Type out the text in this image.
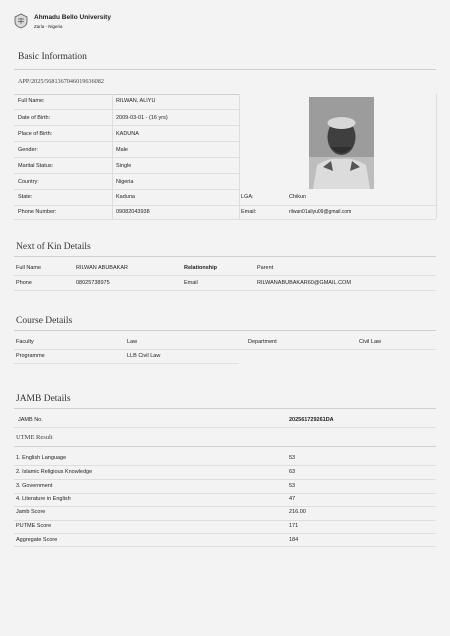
Ahmadu Bello University
Zaria - Nigeria
Basic Information
APP/2025/5681367046019636082
Full Name:	RILWAN, ALIYU
Date of Birth:	2009-03-01 - (16 yrs)
Place of Birth:	KADUNA
Gender:	Male
Marital Status:	Single
Country:	Nigeria
State:	Kaduna	LGA:	Chikun
Phone Number:	09082043938	Email:	rilwan01aliyu09@gmail.com
Next of Kin Details
Full Name	RILWAN ABUBAKAR	Relationship	Parent
Phone	08025738975	Email	RILWANABUBAKAR60@GMAIL.COM
Course Details
Faculty	Law	Department	Civil Law
Programme	LLB Civil Law
JAMB Details
JAMB No.	202561729261DA
UTME Result
1. English Language	53
2. Islamic Religious Knowledge	63
3. Government	53
4. Literature in English	47
Jamb Score	216.00
PUTME Score	171
Aggregate Score	184
